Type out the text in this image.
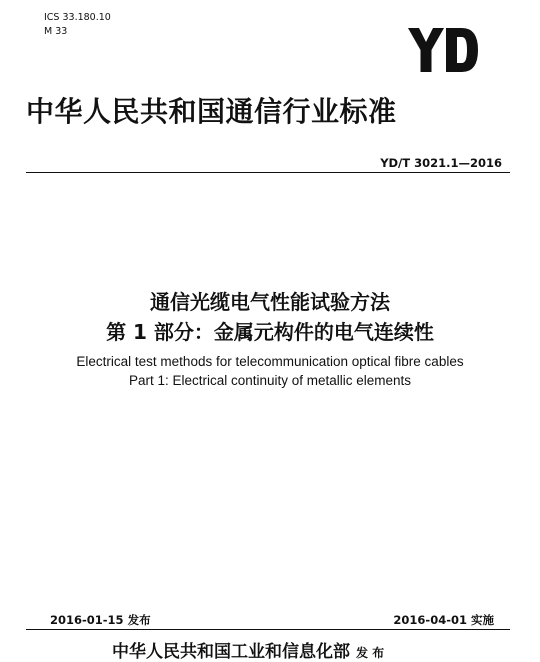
ICS 33.180.10
M 33
中华人民共和国通信行业标准
YD/T 3021.1—2016
通信光缆电气性能试验方法
第 1 部分：金属元构件的电气连续性
Electrical test methods for telecommunication optical fibre cables
Part 1: Electrical continuity of metallic elements
2016-01-15 发布	2016-04-01 实施
中华人民共和国工业和信息化部 发 布
